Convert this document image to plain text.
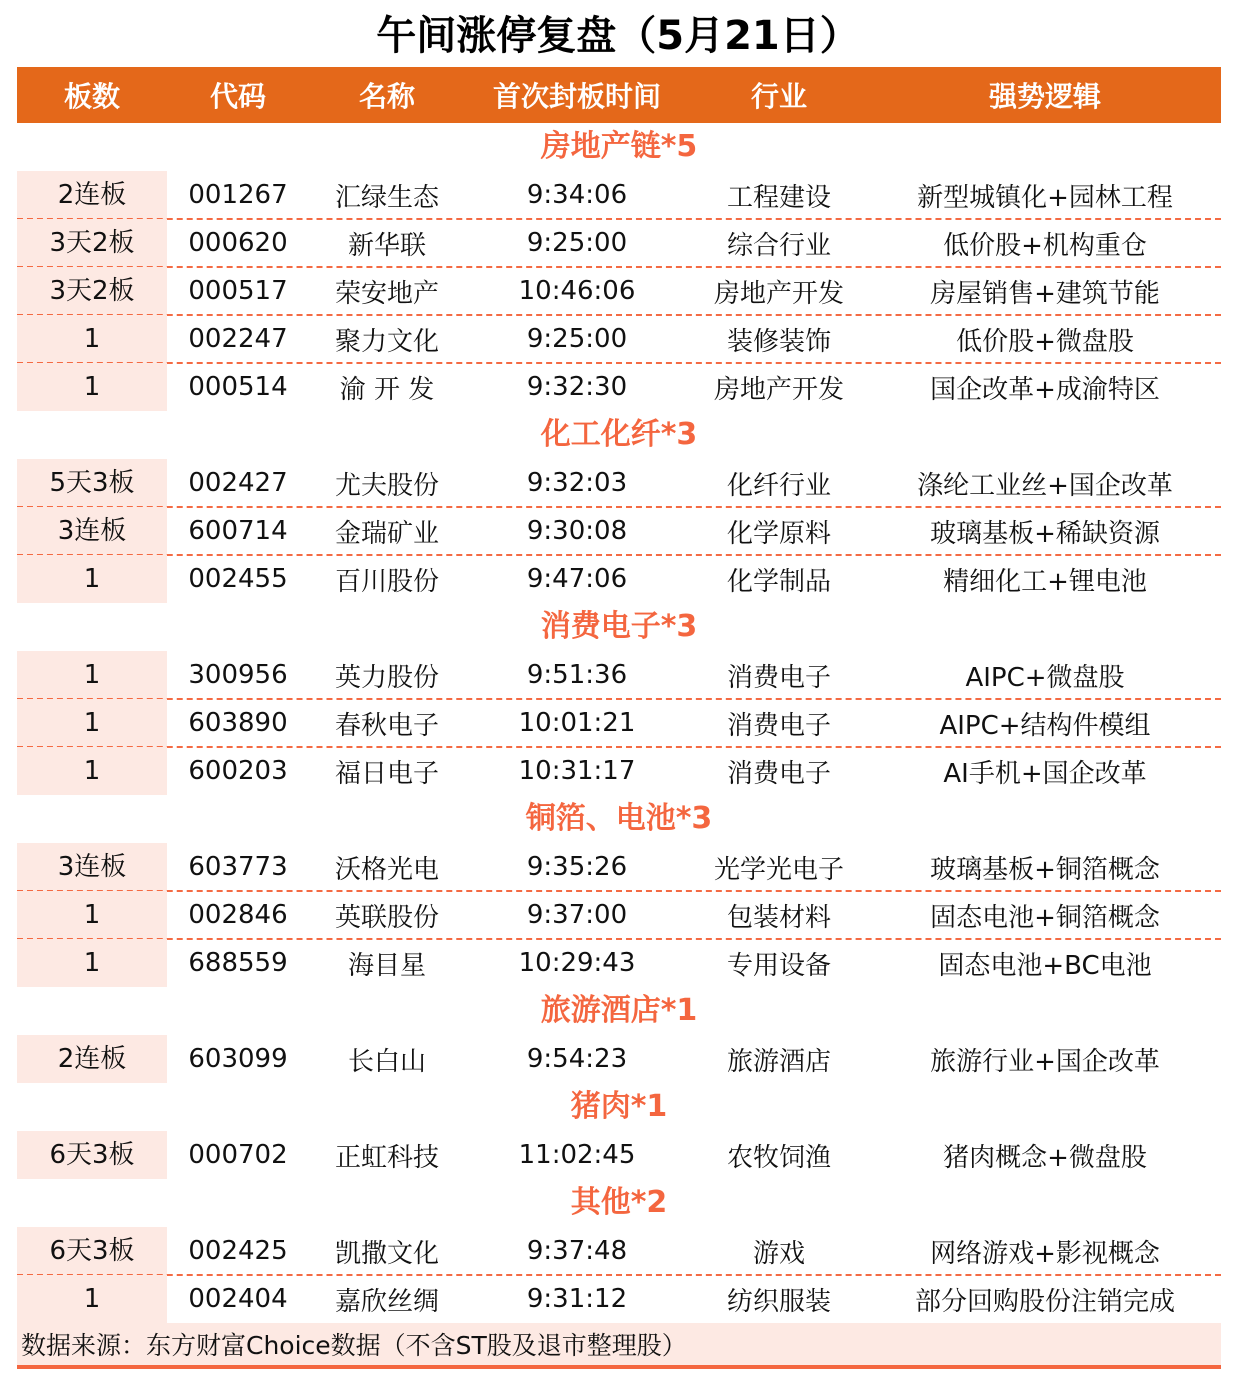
午间涨停复盘（5月21日）
板数	代码	名称	首次封板时间	行业	强势逻辑
房地产链*5
2连板	001267	汇绿生态	9:34:06	工程建设	新型城镇化+园林工程
3天2板	000620	新华联	9:25:00	综合行业	低价股+机构重仓
3天2板	000517	荣安地产	10:46:06	房地产开发	房屋销售+建筑节能
1	002247	聚力文化	9:25:00	装修装饰	低价股+微盘股
1	000514	渝 开 发	9:32:30	房地产开发	国企改革+成渝特区
化工化纤*3
5天3板	002427	尤夫股份	9:32:03	化纤行业	涤纶工业丝+国企改革
3连板	600714	金瑞矿业	9:30:08	化学原料	玻璃基板+稀缺资源
1	002455	百川股份	9:47:06	化学制品	精细化工+锂电池
消费电子*3
1	300956	英力股份	9:51:36	消费电子	AIPC+微盘股
1	603890	春秋电子	10:01:21	消费电子	AIPC+结构件模组
1	600203	福日电子	10:31:17	消费电子	AI手机+国企改革
铜箔、电池*3
3连板	603773	沃格光电	9:35:26	光学光电子	玻璃基板+铜箔概念
1	002846	英联股份	9:37:00	包装材料	固态电池+铜箔概念
1	688559	海目星	10:29:43	专用设备	固态电池+BC电池
旅游酒店*1
2连板	603099	长白山	9:54:23	旅游酒店	旅游行业+国企改革
猪肉*1
6天3板	000702	正虹科技	11:02:45	农牧饲渔	猪肉概念+微盘股
其他*2
6天3板	002425	凯撒文化	9:37:48	游戏	网络游戏+影视概念
1	002404	嘉欣丝绸	9:31:12	纺织服装	部分回购股份注销完成
数据来源：东方财富Choice数据（不含ST股及退市整理股）
